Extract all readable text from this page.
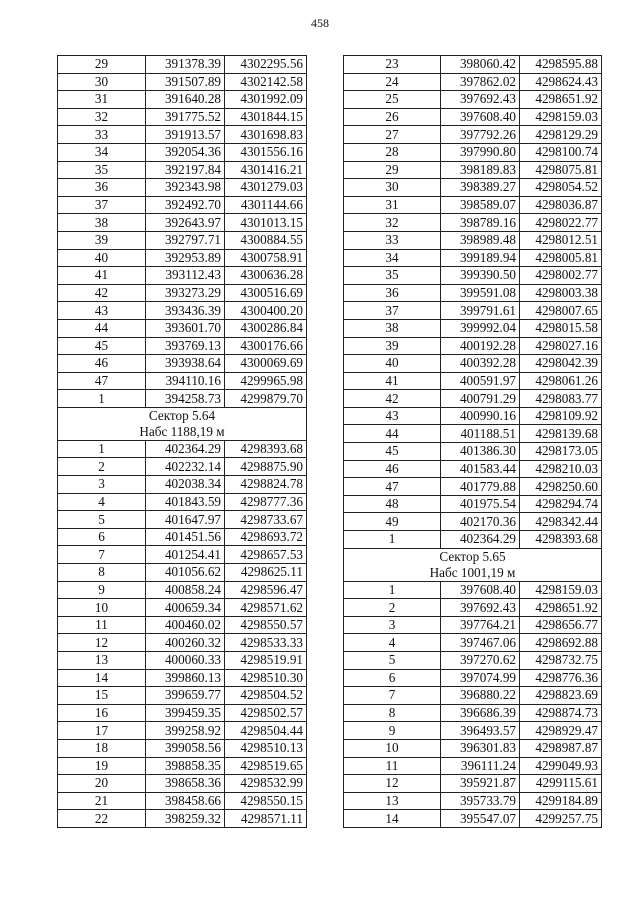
458
29	391378.39	4302295.56
30	391507.89	4302142.58
31	391640.28	4301992.09
32	391775.52	4301844.15
33	391913.57	4301698.83
34	392054.36	4301556.16
35	392197.84	4301416.21
36	392343.98	4301279.03
37	392492.70	4301144.66
38	392643.97	4301013.15
39	392797.71	4300884.55
40	392953.89	4300758.91
41	393112.43	4300636.28
42	393273.29	4300516.69
43	393436.39	4300400.20
44	393601.70	4300286.84
45	393769.13	4300176.66
46	393938.64	4300069.69
47	394110.16	4299965.98
1	394258.73	4299879.70

Сектор 5.64
Набс 1188,19 м		

1	402364.29	4298393.68
2	402232.14	4298875.90
3	402038.34	4298824.78
4	401843.59	4298777.36
5	401647.97	4298733.67
6	401451.56	4298693.72
7	401254.41	4298657.53
8	401056.62	4298625.11
9	400858.24	4298596.47
10	400659.34	4298571.62
11	400460.02	4298550.57
12	400260.32	4298533.33
13	400060.33	4298519.91
14	399860.13	4298510.30
15	399659.77	4298504.52
16	399459.35	4298502.57
17	399258.92	4298504.44
18	399058.56	4298510.13
19	398858.35	4298519.65
20	398658.36	4298532.99
21	398458.66	4298550.15
22	398259.32	4298571.11
23	398060.42	4298595.88
24	397862.02	4298624.43
25	397692.43	4298651.92
26	397608.40	4298159.03
27	397792.26	4298129.29
28	397990.80	4298100.74
29	398189.83	4298075.81
30	398389.27	4298054.52
31	398589.07	4298036.87
32	398789.16	4298022.77
33	398989.48	4298012.51
34	399189.94	4298005.81
35	399390.50	4298002.77
36	399591.08	4298003.38
37	399791.61	4298007.65
38	399992.04	4298015.58
39	400192.28	4298027.16
40	400392.28	4298042.39
41	400591.97	4298061.26
42	400791.29	4298083.77
43	400990.16	4298109.92
44	401188.51	4298139.68
45	401386.30	4298173.05
46	401583.44	4298210.03
47	401779.88	4298250.60
48	401975.54	4298294.74
49	402170.36	4298342.44
1	402364.29	4298393.68

Сектор 5.65
Набс 1001,19 м		

1	397608.40	4298159.03
2	397692.43	4298651.92
3	397764.21	4298656.77
4	397467.06	4298692.88
5	397270.62	4298732.75
6	397074.99	4298776.36
7	396880.22	4298823.69
8	396686.39	4298874.73
9	396493.57	4298929.47
10	396301.83	4298987.87
11	396111.24	4299049.93
12	395921.87	4299115.61
13	395733.79	4299184.89
14	395547.07	4299257.75
